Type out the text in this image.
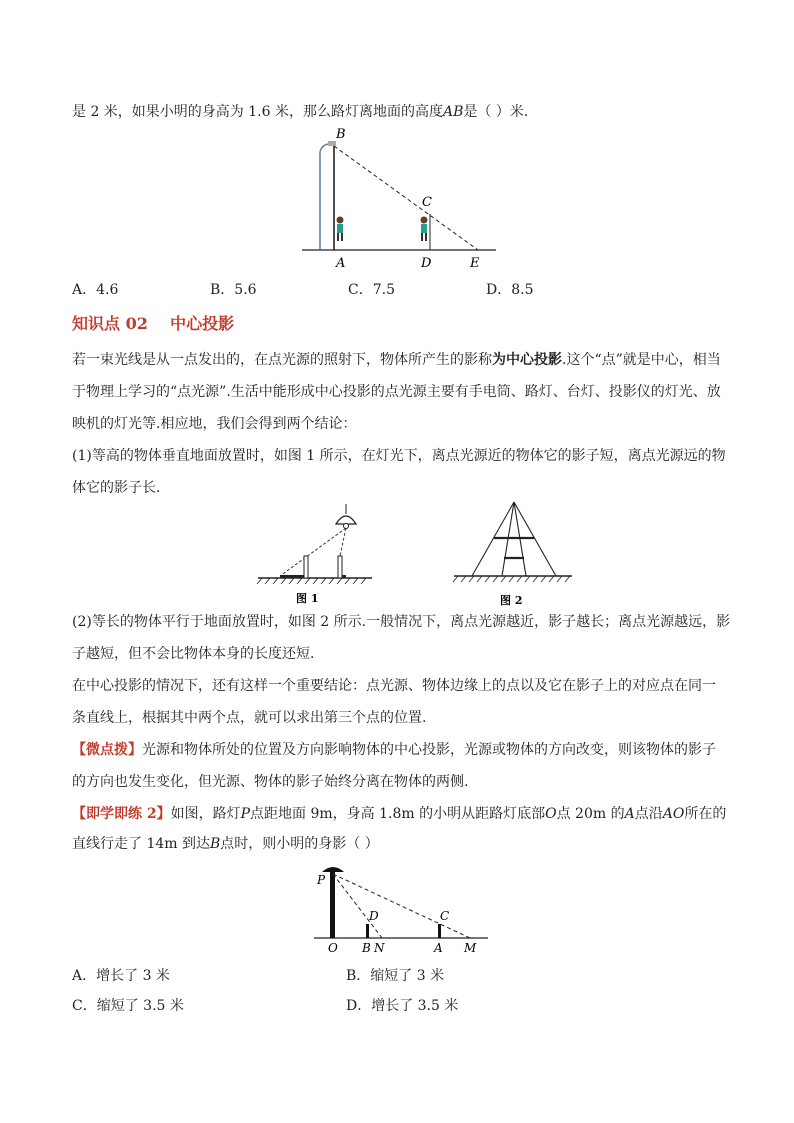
是 2 米，如果小明的身高为 1.6 米，那么路灯离地面的高度AB是（ ）米．
B
C
A	D	E
A．4.6	B．5.6	C．7.5	D．8.5
知识点 02 中心投影
若一束光线是从一点发出的，在点光源的照射下，物体所产生的影称为中心投影.这个“点”就是中心，相当
于物理上学习的“点光源”.生活中能形成中心投影的点光源主要有手电筒、路灯、台灯、投影仪的灯光、放
映机的灯光等.相应地，我们会得到两个结论：
(1)等高的物体垂直地面放置时，如图 1 所示，在灯光下，离点光源近的物体它的影子短，离点光源远的物
体它的影子长.
图 1	图 2
(2)等长的物体平行于地面放置时，如图 2 所示.一般情况下，离点光源越近，影子越长；离点光源越远，影
子越短，但不会比物体本身的长度还短.
在中心投影的情况下，还有这样一个重要结论：点光源、物体边缘上的点以及它在影子上的对应点在同一
条直线上，根据其中两个点，就可以求出第三个点的位置.
【微点拨】光源和物体所处的位置及方向影响物体的中心投影，光源或物体的方向改变，则该物体的影子
的方向也发生变化，但光源、物体的影子始终分离在物体的两侧.
【即学即练 2】如图，路灯P点距地面 9m，身高 1.8m 的小明从距路灯底部O点 20m 的A点沿AO所在的
直线行走了 14m 到达B点时，则小明的身影（ ）
P
D	C
O B N	A M
A．增长了 3 米	B．缩短了 3 米
C．缩短了 3.5 米	D．增长了 3.5 米
